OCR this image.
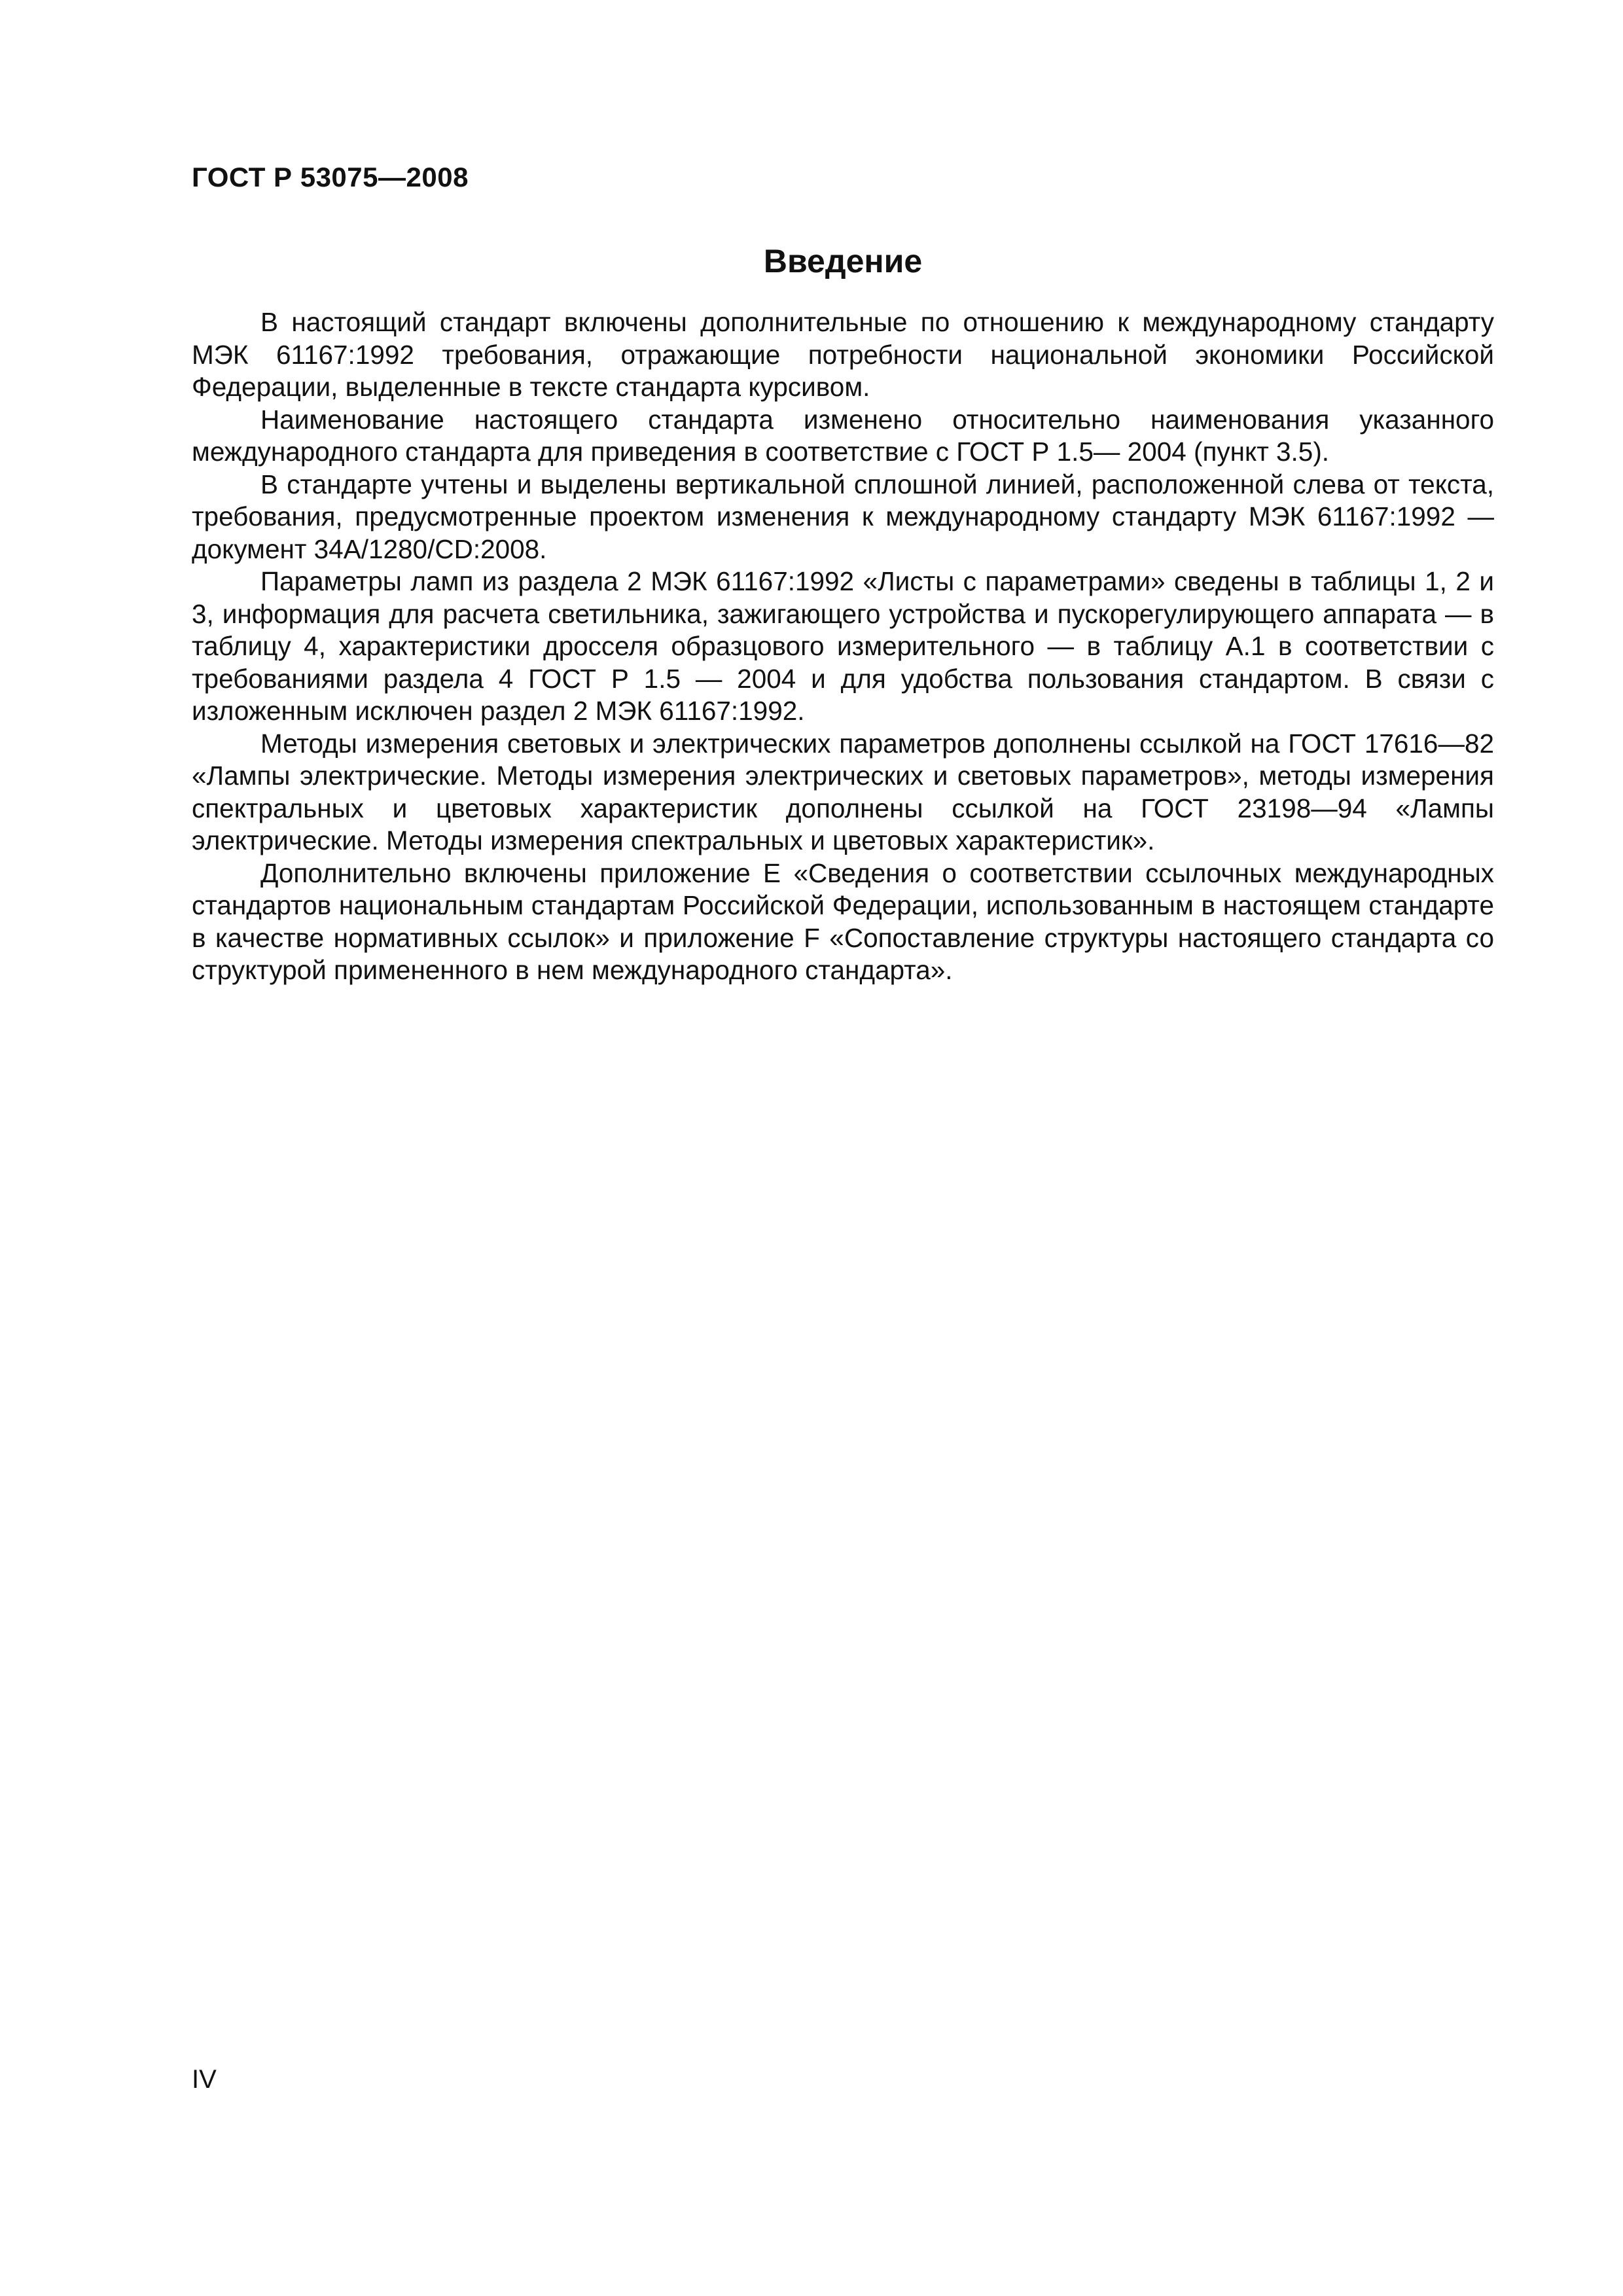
ГОСТ Р 53075—2008
Введение

В настоящий стандарт включены дополнительные по отношению к международному стандарту МЭК 61167:1992 требования, отражающие потребности национальной экономики Российской Федерации, выделенные в тексте стандарта курсивом.

Наименование настоящего стандарта изменено относительно наименования указанного международного стандарта для приведения в соответствие с ГОСТ Р 1.5— 2004 (пункт 3.5).

В стандарте учтены и выделены вертикальной сплошной линией, расположенной слева от текста, требования, предусмотренные проектом изменения к международному стандарту МЭК 61167:1992 — документ 34A/1280/CD:2008.

Параметры ламп из раздела 2 МЭК 61167:1992 «Листы с параметрами» сведены в таблицы 1, 2 и 3, информация для расчета светильника, зажигающего устройства и пускорегулирующего аппарата — в таблицу 4, характеристики дросселя образцового измерительного — в таблицу А.1 в соответствии с требованиями раздела 4 ГОСТ Р 1.5 — 2004 и для удобства пользования стандартом. В связи с изложенным исключен раздел 2 МЭК 61167:1992.

Методы измерения световых и электрических параметров дополнены ссылкой на ГОСТ 17616—82 «Лампы электрические. Методы измерения электрических и световых параметров», методы измерения спектральных и цветовых характеристик дополнены ссылкой на ГОСТ 23198—94 «Лампы электрические. Методы измерения спектральных и цветовых характеристик».

Дополнительно включены приложение Е «Сведения о соответствии ссылочных международных стандартов национальным стандартам Российской Федерации, использованным в настоящем стандарте в качестве нормативных ссылок» и приложение F «Сопоставление структуры настоящего стандарта со структурой примененного в нем международного стандарта».

IV
